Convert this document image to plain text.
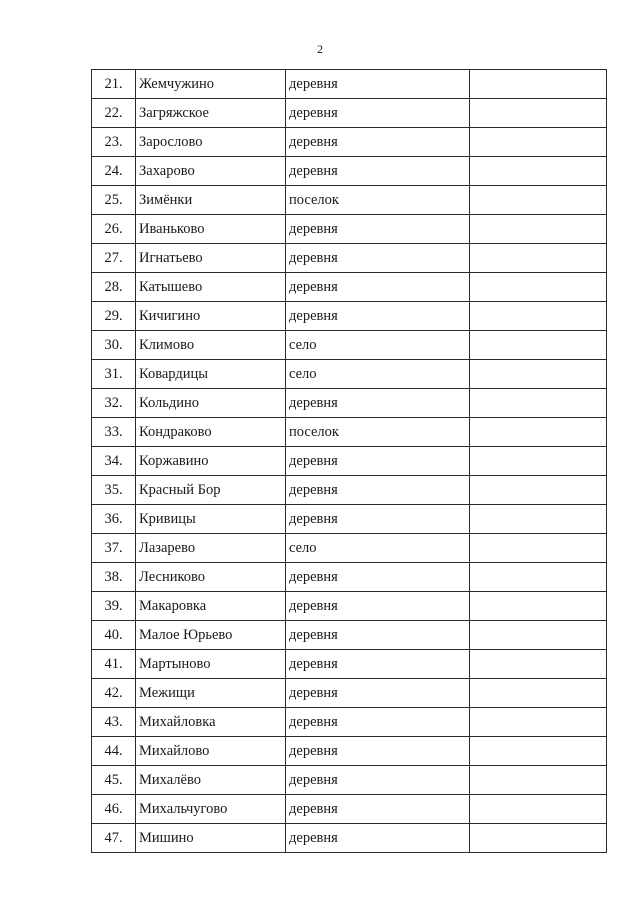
2
21.	Жемчужино	деревня	
22.	Загряжское	деревня	
23.	Зарослово	деревня	
24.	Захарово	деревня	
25.	Зимёнки	поселок	
26.	Иваньково	деревня	
27.	Игнатьево	деревня	
28.	Катышево	деревня	
29.	Кичигино	деревня	
30.	Климово	село	
31.	Ковардицы	село	
32.	Кольдино	деревня	
33.	Кондраково	поселок	
34.	Коржавино	деревня	
35.	Красный Бор	деревня	
36.	Кривицы	деревня	
37.	Лазарево	село	
38.	Лесниково	деревня	
39.	Макаровка	деревня	
40.	Малое Юрьево	деревня	
41.	Мартыново	деревня	
42.	Межищи	деревня	
43.	Михайловка	деревня	
44.	Михайлово	деревня	
45.	Михалёво	деревня	
46.	Михальчугово	деревня	
47.	Мишино	деревня	
